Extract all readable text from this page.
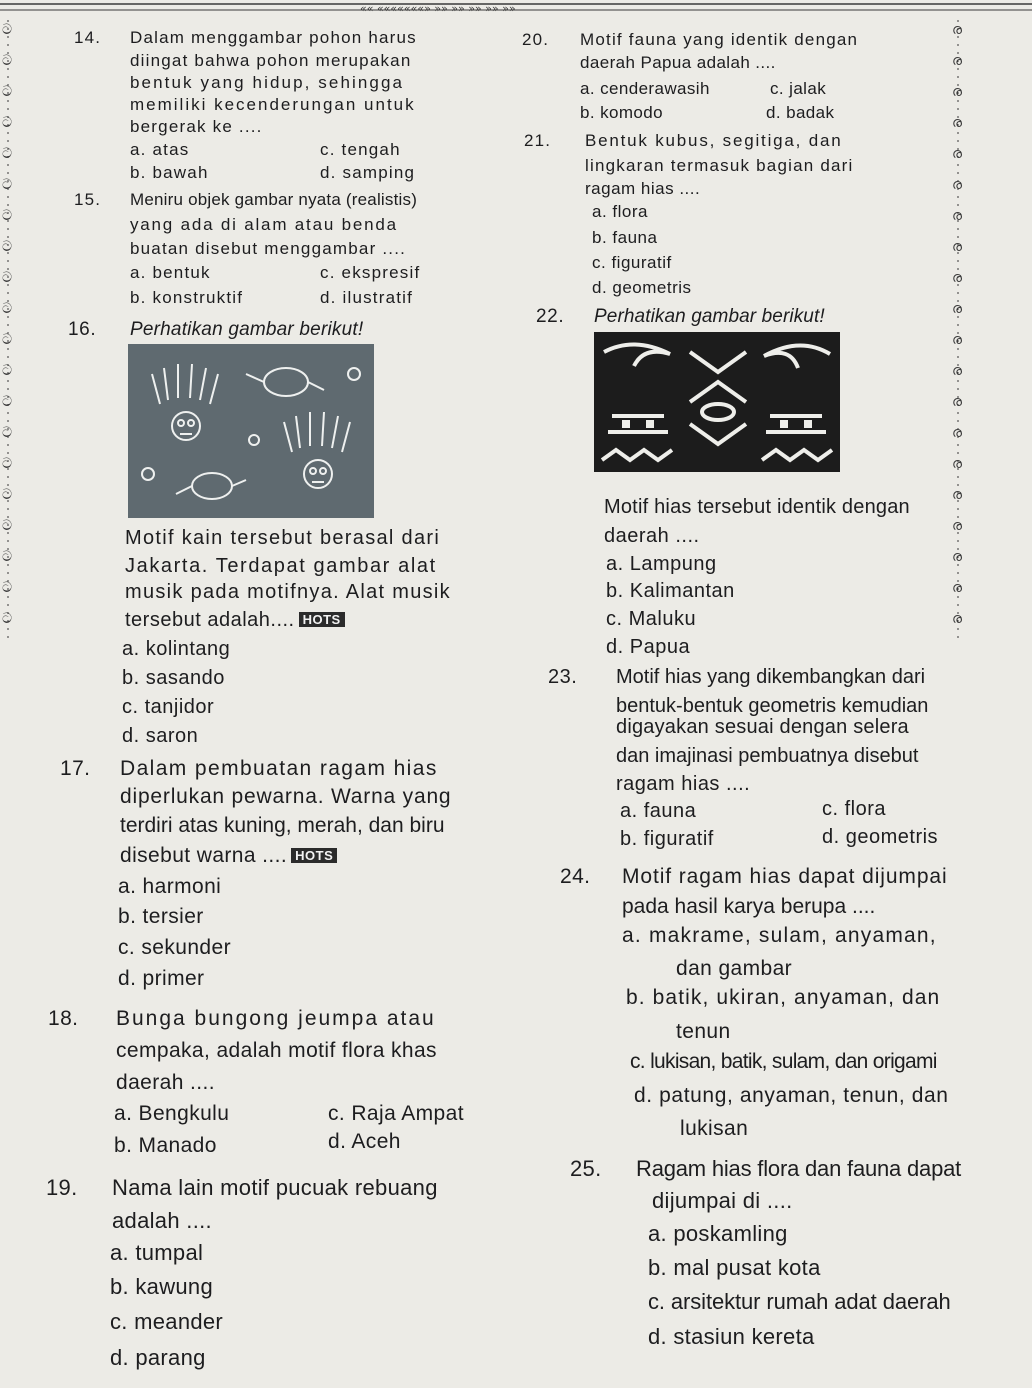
«« «««««««» »» »» »» »» »»
ට
ට
ට
ට
ට
ට
ට
ට
ට
ට
ට
ට
ට
ට
ට
ට
ට
ට
ට
ට
ര
ര
ര
ര
ര
ര
ര
ര
ര
ര
ര
ര
ര
ര
ര
ര
ര
ര
ര
ര
14. Dalam menggambar pohon harus
diingat bahwa pohon merupakan
bentuk yang hidup, sehingga
memiliki kecenderungan untuk
bergerak ke ....
a. atas	c. tengah
b. bawah	d. samping
15. Meniru objek gambar nyata (realistis)
yang ada di alam atau benda
buatan disebut menggambar ....
a. bentuk	c. ekspresif
b. konstruktif	d. ilustratif
16. Perhatikan gambar berikut!
Motif kain tersebut berasal dari
Jakarta. Terdapat gambar alat
musik pada motifnya. Alat musik
tersebut adalah.... HOTS
a. kolintang
b. sasando
c. tanjidor
d. saron
17. Dalam pembuatan ragam hias
diperlukan pewarna. Warna yang
terdiri atas kuning, merah, dan biru
disebut warna .... HOTS
a. harmoni
b. tersier
c. sekunder
d. primer
18. Bunga bungong jeumpa atau
cempaka, adalah motif flora khas
daerah ....
a. Bengkulu	c. Raja Ampat
b. Manado	d. Aceh
19. Nama lain motif pucuak rebuang
adalah ....
a. tumpal
b. kawung
c. meander
d. parang
20. Motif fauna yang identik dengan
daerah Papua adalah ....
a. cenderawasih	c. jalak
b. komodo	d. badak
21. Bentuk kubus, segitiga, dan
lingkaran termasuk bagian dari
ragam hias ....
a. flora
b. fauna
c. figuratif
d. geometris
22. Perhatikan gambar berikut!
Motif hias tersebut identik dengan
daerah ....
a. Lampung
b. Kalimantan
c. Maluku
d. Papua
23. Motif hias yang dikembangkan dari
bentuk-bentuk geometris kemudian
digayakan sesuai dengan selera
dan imajinasi pembuatnya disebut
ragam hias ....
a. fauna	c. flora
b. figuratif	d. geometris
24. Motif ragam hias dapat dijumpai
pada hasil karya berupa ....
a. makrame, sulam, anyaman,
dan gambar
b. batik, ukiran, anyaman, dan
tenun
c. lukisan, batik, sulam, dan origami
d. patung, anyaman, tenun, dan
lukisan
25. Ragam hias flora dan fauna dapat
dijumpai di ....
a. poskamling
b. mal pusat kota
c. arsitektur rumah adat daerah
d. stasiun kereta
